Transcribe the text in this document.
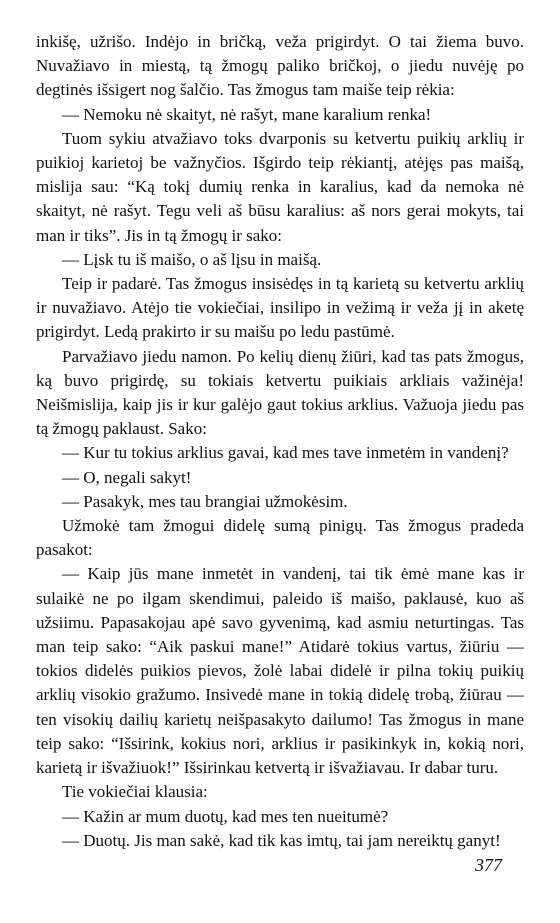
inkišę, užrišo. Indėjo in bričką, veža prigirdyt. O tai žiema buvo. Nuvažiavo in miestą, tą žmogų paliko bričkoj, o jiedu nuvėję po degtinės išsigert nog šalčio. Tas žmogus tam maiše teip rėkia:

— Nemoku nė skaityt, nė rašyt, mane karalium renka!

Tuom sykiu atvažiavo toks dvarponis su ketvertu puikių arklių ir puikioj karietoj be važnyčios. Išgirdo teip rėkiantį, atėjęs pas maišą, mislija sau: “Ką tokį dumių renka in karalius, kad da nemoka nė skaityt, nė rašyt. Tegu veli aš būsu karalius: aš nors gerai mokyts, tai man ir tiks”. Jis in tą žmogų ir sako:

— Lįsk tu iš maišo, o aš lįsu in maišą.

Teip ir padarė. Tas žmogus insisėdęs in tą karietą su ketvertu arklių ir nuvažiavo. Atėjo tie vokiečiai, insilipo in vežimą ir veža jį in aketę prigirdyt. Ledą prakirto ir su maišu po ledu pastūmė.

Parvažiavo jiedu namon. Po kelių dienų žiūri, kad tas pats žmogus, ką buvo prigirdę, su tokiais ketvertu puikiais arkliais važinėja! Neišmislija, kaip jis ir kur galėjo gaut tokius arklius. Važuoja jiedu pas tą žmogų paklaust. Sako:

— Kur tu tokius arklius gavai, kad mes tave inmetėm in vandenį?

— O, negali sakyt!

— Pasakyk, mes tau brangiai užmokėsim.

Užmokė tam žmogui didelę sumą pinigų. Tas žmogus pradeda pasakot:

— Kaip jūs mane inmetėt in vandenį, tai tik ėmė mane kas ir sulaikė ne po ilgam skendimui, paleido iš maišo, paklausė, kuo aš užsiimu. Papasakojau apė savo gyvenimą, kad asmiu neturtingas. Tas man teip sako: “Aik paskui mane!” Atidarė tokius vartus, žiūriu — tokios didelės puikios pievos, žolė labai didelė ir pilna tokių puikių arklių visokio gražumo. Insivedė mane in tokią didelę trobą, žiūrau — ten visokių dailių karietų neišpasakyto dailumo! Tas žmogus in mane teip sako: “Išsirink, kokius nori, arklius ir pasikinkyk in, kokią nori, karietą ir išvažiuok!” Išsirinkau ketvertą ir išvažiavau. Ir dabar turu.

Tie vokiečiai klausia:

— Kažin ar mum duotų, kad mes ten nueitumė?

— Duotų. Jis man sakė, kad tik kas imtų, tai jam nereiktų ganyt!

377
